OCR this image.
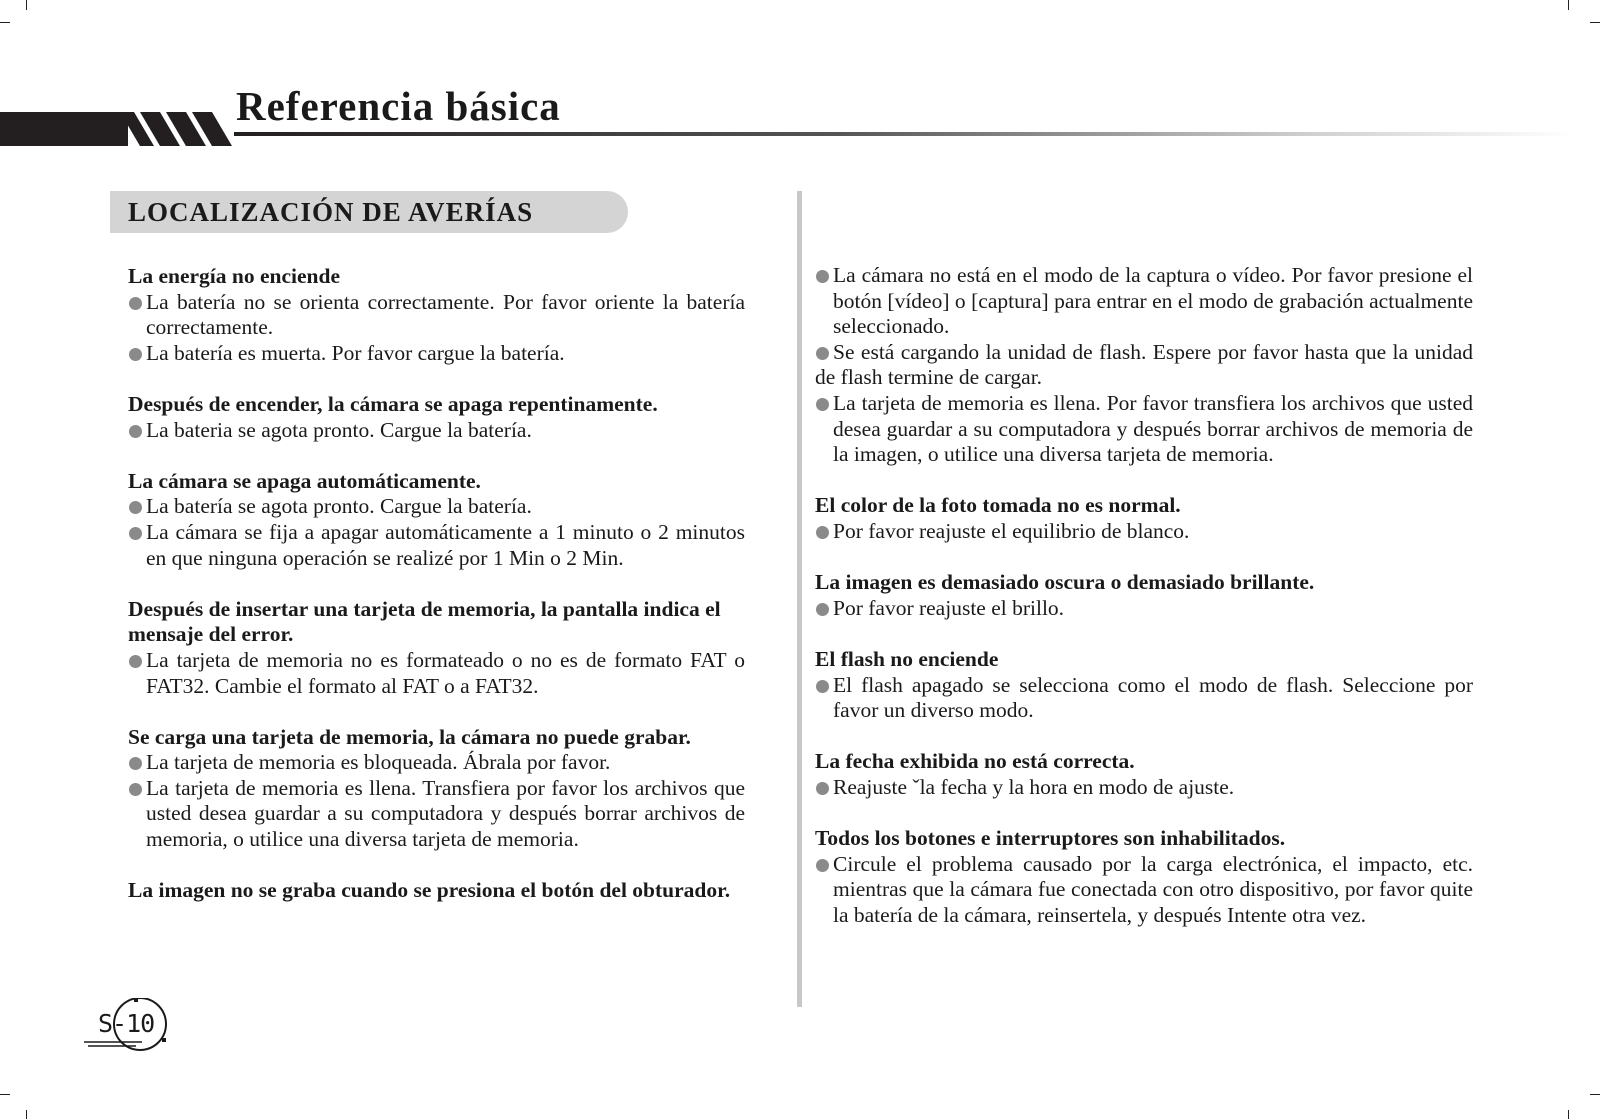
Referencia básica
LOCALIZACIÓN DE AVERÍAS

La energía no enciende

La batería no se orienta correctamente. Por favor oriente la batería correctamente.

La batería es muerta. Por favor cargue la batería.

Después de encender, la cámara se apaga repentinamente.

La bateria se agota pronto. Cargue la batería.

La cámara se apaga automáticamente.

La batería se agota pronto. Cargue la batería.

La cámara se fija a apagar automáticamente a 1 minuto o 2 minutos en que ninguna operación se realizé por 1 Min o 2 Min.

Después de insertar una tarjeta de memoria, la pantalla indica el mensaje del error.

La tarjeta de memoria no es formateado o no es de formato FAT o FAT32. Cambie el formato al FAT o a FAT32.

Se carga una tarjeta de memoria, la cámara no puede grabar.

La tarjeta de memoria es bloqueada. Ábrala por favor.

La tarjeta de memoria es llena. Transfiera por favor los archivos que usted desea guardar a su computadora y después borrar archivos de memoria, o utilice una diversa tarjeta de memoria.

La imagen no se graba cuando se presiona el botón del obturador.

La cámara no está en el modo de la captura o vídeo. Por favor presione el botón [vídeo] o [captura] para entrar en el modo de grabación actualmente seleccionado.

Se está cargando la unidad de flash. Espere por favor hasta que la unidad de flash termine de cargar.

La tarjeta de memoria es llena. Por favor transfiera los archivos que usted desea guardar a su computadora y después borrar archivos de memoria de la imagen, o utilice una diversa tarjeta de memoria.

El color de la foto tomada no es normal.

Por favor reajuste el equilibrio de blanco.

La imagen es demasiado oscura o demasiado brillante.

Por favor reajuste el brillo.

El flash no enciende

El flash apagado se selecciona como el modo de flash. Seleccione por favor un diverso modo.

La fecha exhibida no está correcta.

Reajuste ˇla fecha y la hora en modo de ajuste.

Todos los botones e interruptores son inhabilitados.

Circule el problema causado por la carga electrónica, el impacto, etc. mientras que la cámara fue conectada con otro dispositivo, por favor quite la batería de la cámara, reinsertela, y después Intente otra vez.

S-10
